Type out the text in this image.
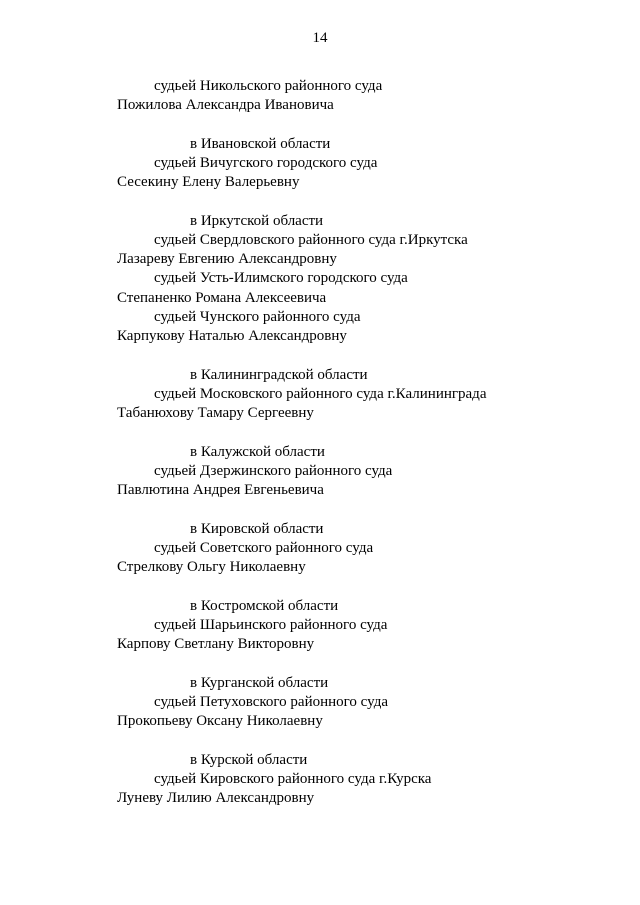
14
судьей Никольского районного суда
Пожилова Александра Ивановича
в Ивановской области
судьей Вичугского городского суда
Сесекину Елену Валерьевну
в Иркутской области
судьей Свердловского районного суда г.Иркутска
Лазареву Евгению Александровну
судьей Усть-Илимского городского суда
Степаненко Романа Алексеевича
судьей Чунского районного суда
Карпукову Наталью Александровну
в Калининградской области
судьей Московского районного суда г.Калининграда
Табанюхову Тамару Сергеевну
в Калужской области
судьей Дзержинского районного суда
Павлютина Андрея Евгеньевича
в Кировской области
судьей Советского районного суда
Стрелкову Ольгу Николаевну
в Костромской области
судьей Шарьинского районного суда
Карпову Светлану Викторовну
в Курганской области
судьей Петуховского районного суда
Прокопьеву Оксану Николаевну
в Курской области
судьей Кировского районного суда г.Курска
Луневу Лилию Александровну
